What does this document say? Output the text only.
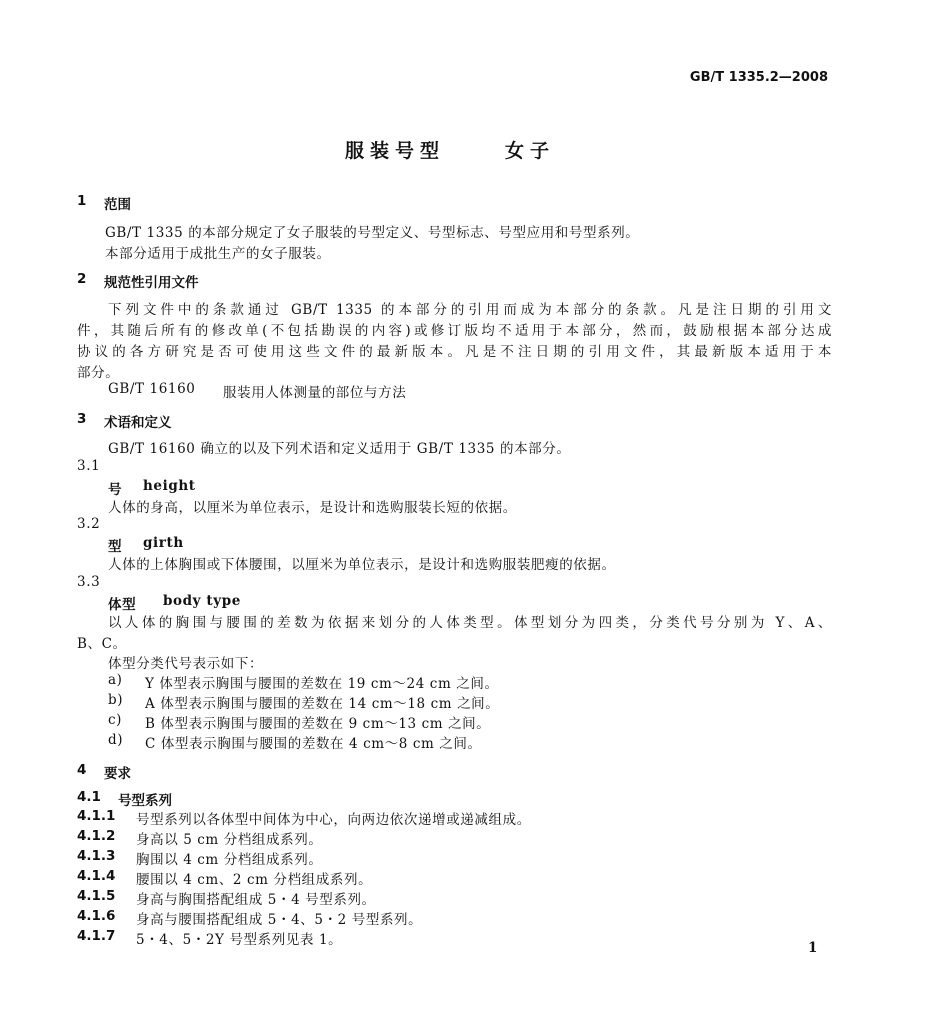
GB/T 1335.2—2008
服装号型	女子
1 范围
GB/T 1335 的本部分规定了女子服装的号型定义、号型标志、号型应用和号型系列。
本部分适用于成批生产的女子服装。
2 规范性引用文件
下列文件中的条款通过 GB/T 1335 的本部分的引用而成为本部分的条款。凡是注日期的引用文
件，其随后所有的修改单(不包括勘误的内容)或修订版均不适用于本部分，然而，鼓励根据本部分达成
协议的各方研究是否可使用这些文件的最新版本。凡是不注日期的引用文件，其最新版本适用于本
部分。
GB/T 16160 服装用人体测量的部位与方法
3 术语和定义
GB/T 16160 确立的以及下列术语和定义适用于 GB/T 1335 的本部分。
3.1
号 height
人体的身高，以厘米为单位表示，是设计和选购服装长短的依据。
3.2
型 girth
人体的上体胸围或下体腰围，以厘米为单位表示，是设计和选购服装肥瘦的依据。
3.3
体型 body type
以人体的胸围与腰围的差数为依据来划分的人体类型。体型划分为四类，分类代号分别为 Y、A、
B、C。
体型分类代号表示如下：
a) Y 体型表示胸围与腰围的差数在 19 cm～24 cm 之间。
b) A 体型表示胸围与腰围的差数在 14 cm～18 cm 之间。
c) B 体型表示胸围与腰围的差数在 9 cm～13 cm 之间。
d) C 体型表示胸围与腰围的差数在 4 cm～8 cm 之间。
4 要求
4.1 号型系列
4.1.1 号型系列以各体型中间体为中心，向两边依次递增或递减组成。
4.1.2 身高以 5 cm 分档组成系列。
4.1.3 胸围以 4 cm 分档组成系列。
4.1.4 腰围以 4 cm、2 cm 分档组成系列。
4.1.5 身高与胸围搭配组成 5・4 号型系列。
4.1.6 身高与腰围搭配组成 5・4、5・2 号型系列。
4.1.7 5・4、5・2Y 号型系列见表 1。	1
